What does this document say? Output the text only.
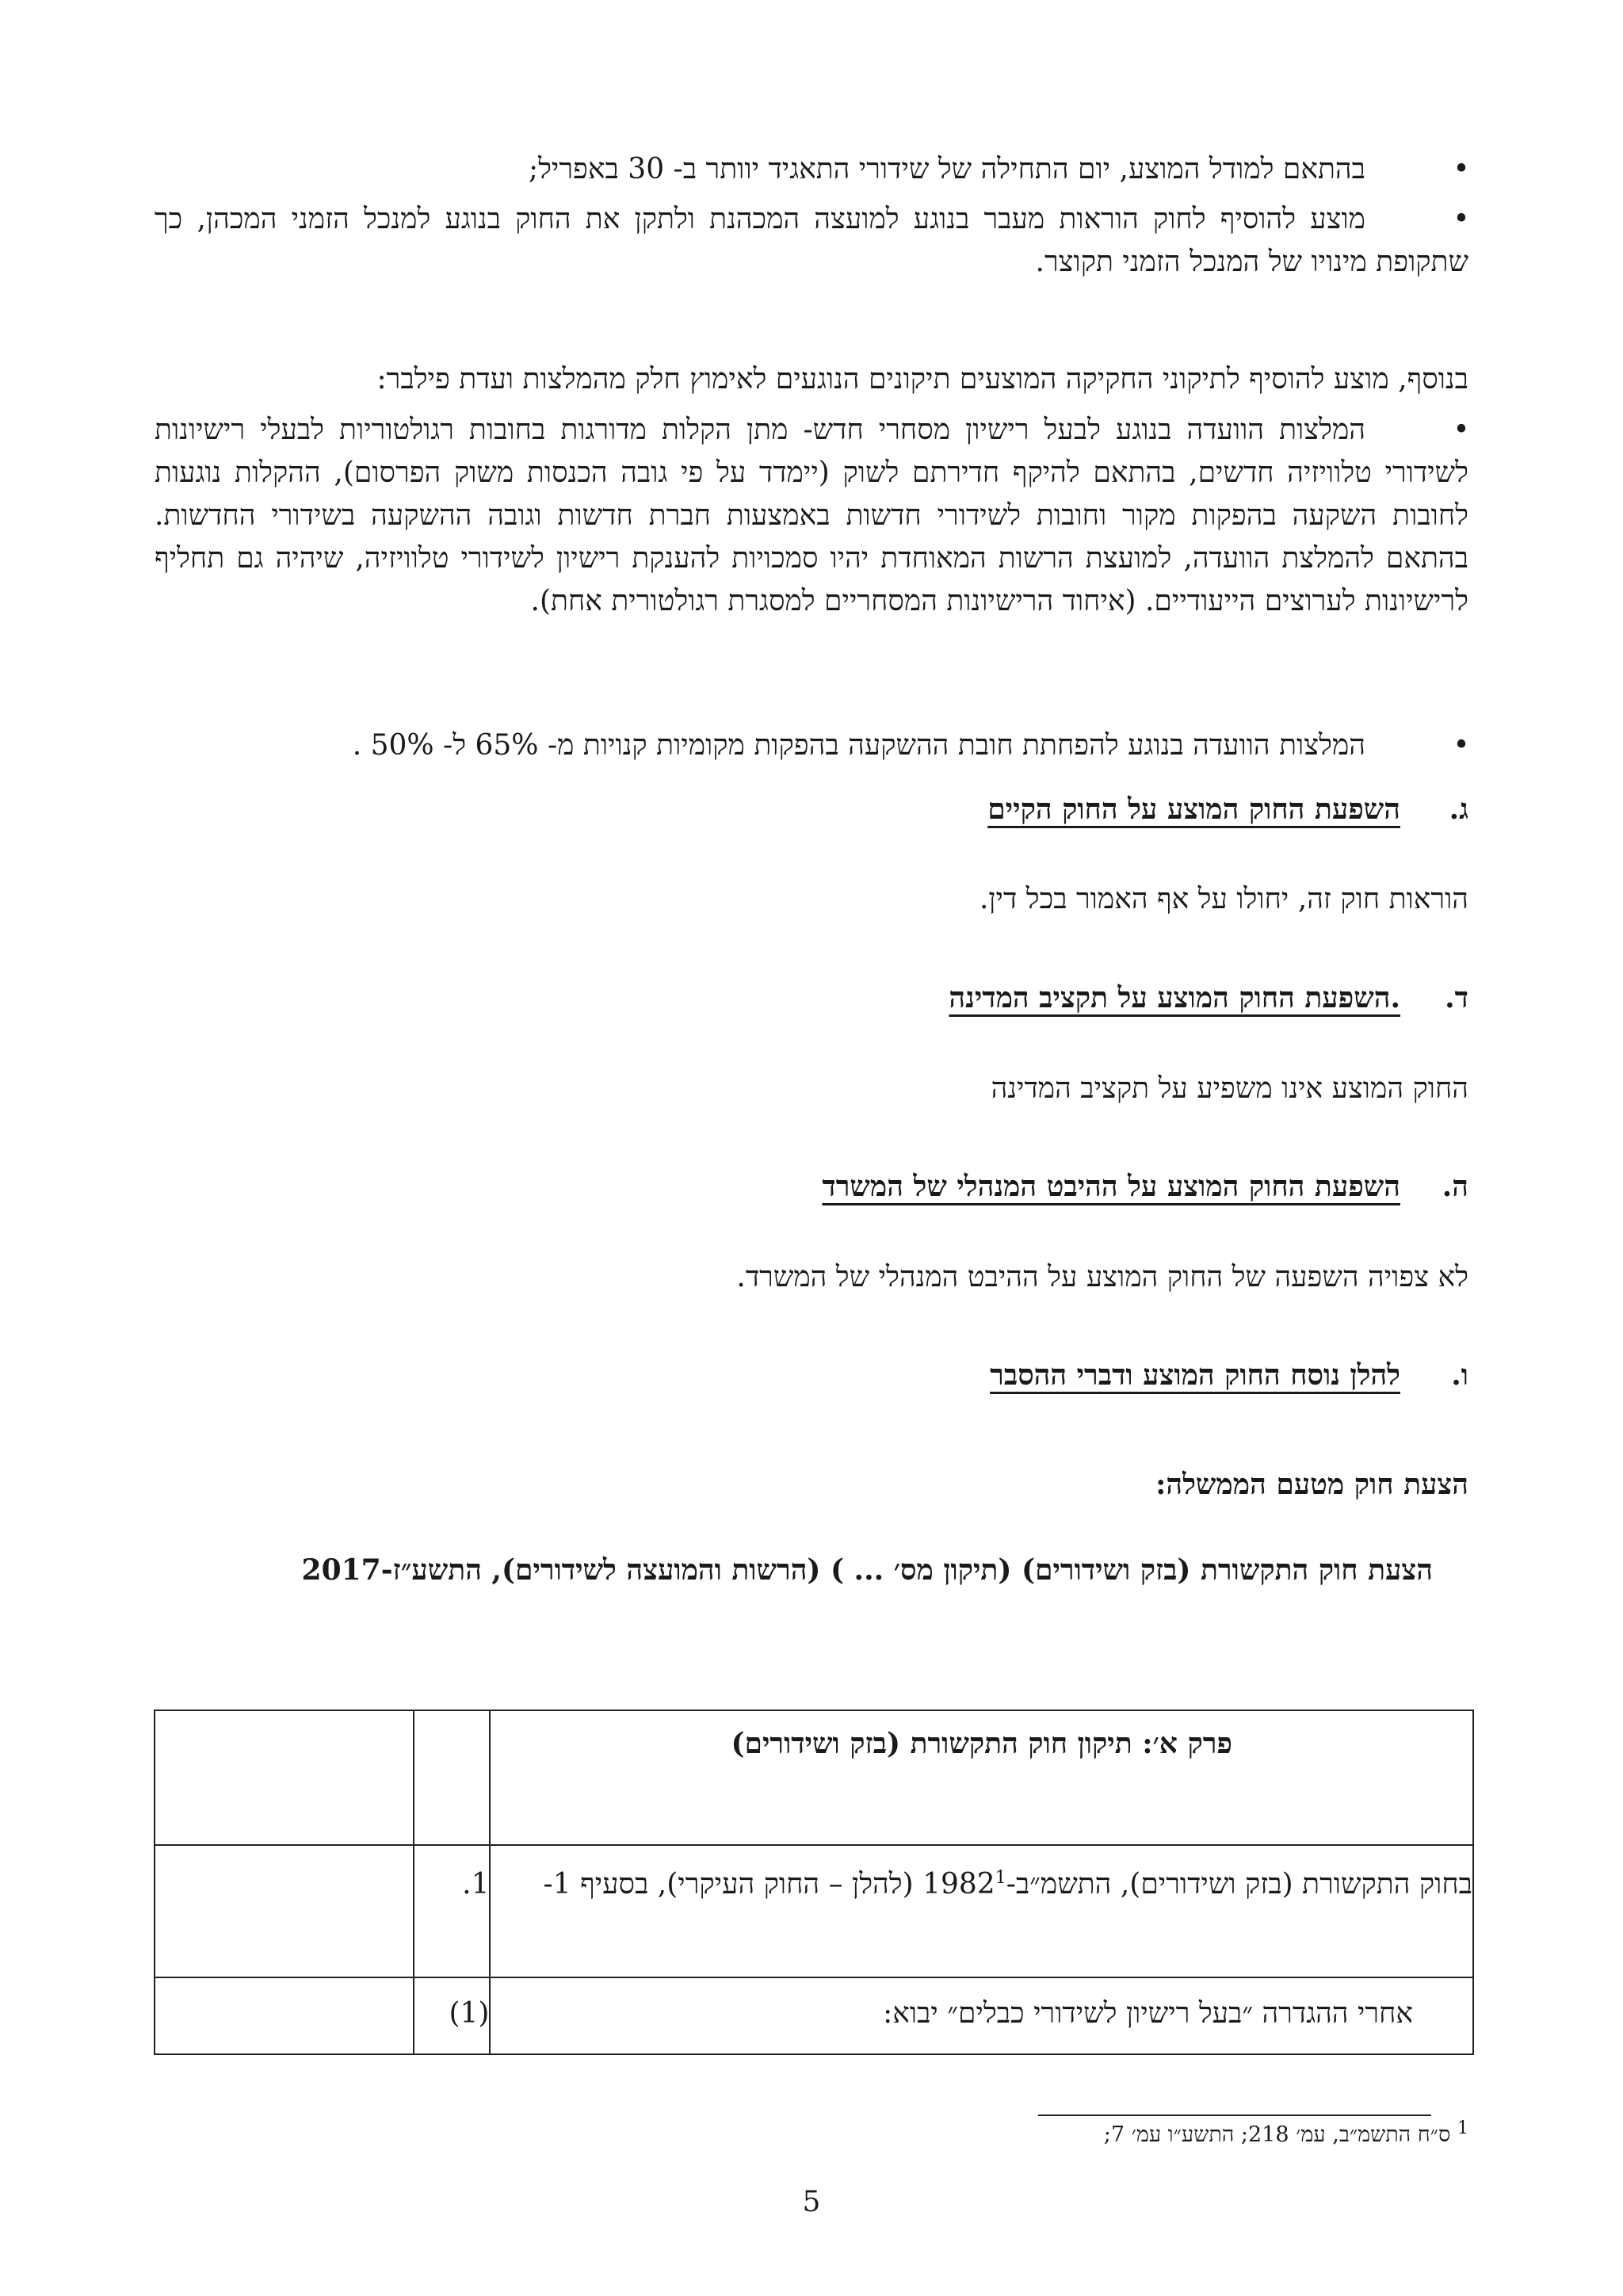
•

בהתאם למודל המוצע, יום התחילה של שידורי התאגיד יוותר ב- 30 באפריל;

•

מוצע להוסיף לחוק הוראות מעבר בנוגע למועצה המכהנת ולתקן את החוק בנוגע למנכל הזמני המכהן, כך שתקופת מינויו של המנכל הזמני תקוצר.

בנוסף, מוצע להוסיף לתיקוני החקיקה המוצעים תיקונים הנוגעים לאימוץ חלק מהמלצות ועדת פילבר:

•

המלצות הוועדה בנוגע לבעל רישיון מסחרי חדש- מתן הקלות מדורגות בחובות רגולטוריות לבעלי רישיונות לשידורי טלוויזיה חדשים, בהתאם להיקף חדירתם לשוק (יימדד על פי גובה הכנסות משוק הפרסום), ההקלות נוגעות לחובות השקעה בהפקות מקור וחובות לשידורי חדשות באמצעות חברת חדשות וגובה ההשקעה בשידורי החדשות. בהתאם להמלצת הוועדה, למועצת הרשות המאוחדת יהיו סמכויות להענקת רישיון לשידורי טלוויזיה, שיהיה גם תחליף לרישיונות לערוצים הייעודיים. (איחוד הרישיונות המסחריים למסגרת רגולטורית אחת).

•

המלצות הוועדה בנוגע להפחתת חובת ההשקעה בהפקות מקומיות קנויות מ- 65% ל- 50% .

ג.השפעת החוק המוצע על החוק הקיים

הוראות חוק זה, יחולו על אף האמור בכל דין.

ד..השפעת החוק המוצע על תקציב המדינה

החוק המוצע אינו משפיע על תקציב המדינה

ה.השפעת החוק המוצע על ההיבט המנהלי של המשרד

לא צפויה השפעה של החוק המוצע על ההיבט המנהלי של המשרד.

ו.להלן נוסח החוק המוצע ודברי ההסבר
הצעת חוק מטעם הממשלה:
הצעת חוק התקשורת (בזק ושידורים) (תיקון מס׳ ... ) (הרשות והמועצה לשידורים), התשע״ז-2017
פרק א׳: תיקון חוק התקשורת (בזק ושידורים)		

בחוק התקשורת (בזק ושידורים), התשמ״ב-1982$^1$ (להלן – החוק העיקרי), בסעיף 1-	1.	

אחרי ההגדרה ״בעל רישיון לשידורי כבלים״ יבוא:	(1)	

$^1$ ס״ח התשמ״ב, עמ׳ 218; התשע״ו עמ׳ 7;
5
